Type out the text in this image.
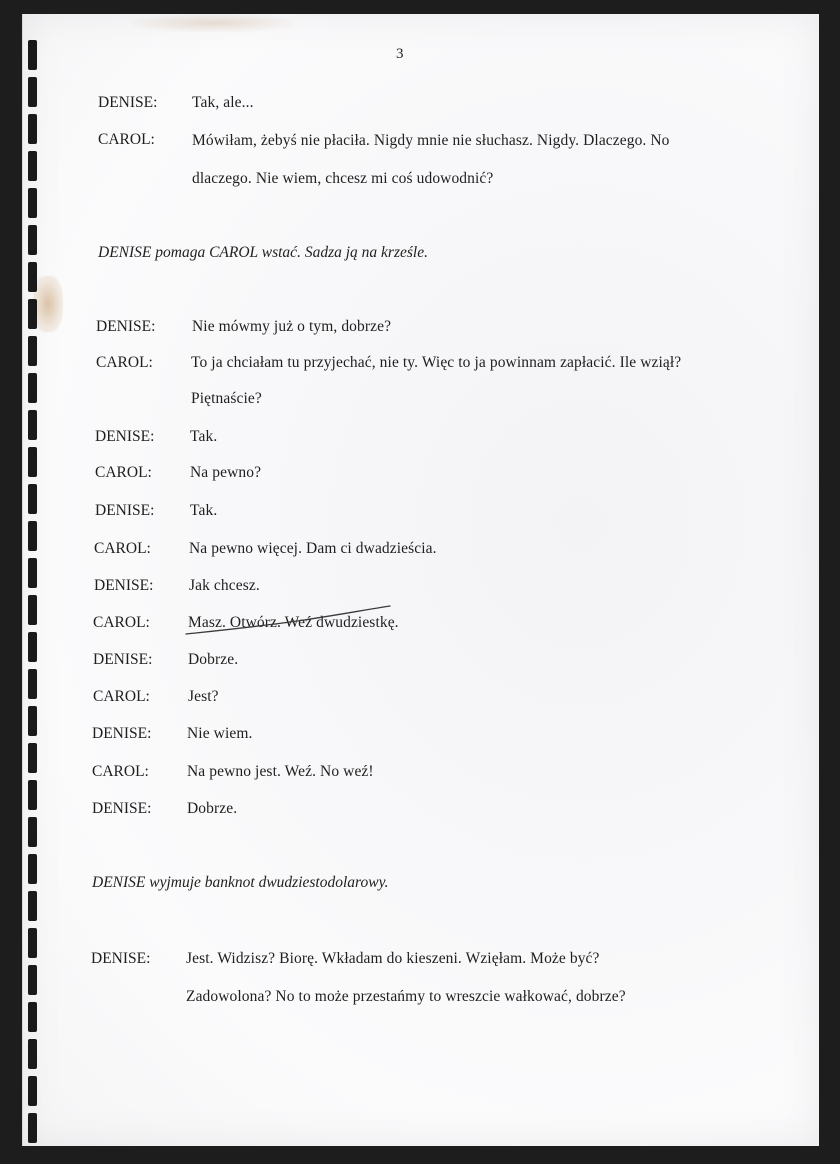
3
DENISE: Tak, ale...
CAROL: Mówiłam, żebyś nie płaciła. Nigdy mnie nie słuchasz. Nigdy. Dlaczego. No
dlaczego. Nie wiem, chcesz mi coś udowodnić?
DENISE pomaga CAROL wstać. Sadza ją na krześle.
DENISE: Nie mówmy już o tym, dobrze?
CAROL: To ja chciałam tu przyjechać, nie ty. Więc to ja powinnam zapłacić. Ile wziął?
Piętnaście?
DENISE: Tak.
CAROL: Na pewno?
DENISE: Tak.
CAROL: Na pewno więcej. Dam ci dwadzieścia.
DENISE: Jak chcesz.
CAROL: Masz. Otwórz. Weź dwudziestkę.
DENISE: Dobrze.
CAROL: Jest?
DENISE: Nie wiem.
CAROL: Na pewno jest. Weź. No weź!
DENISE: Dobrze.
DENISE wyjmuje banknot dwudziestodolarowy.
DENISE: Jest. Widzisz? Biorę. Wkładam do kieszeni. Wzięłam. Może być?
Zadowolona? No to może przestańmy to wreszcie wałkować, dobrze?
